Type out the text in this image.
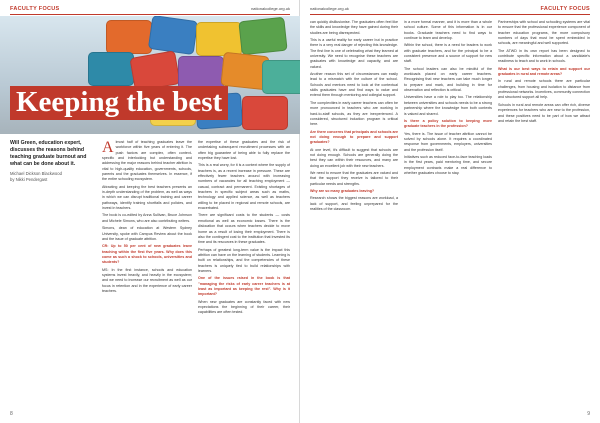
FACULTY FOCUS	nationalcollege.org.uk
Keeping the best
Will Green, education expert, discusses the reasons behind teaching graduate burnout and what can be done about it.
Michael Dickson Blackwood
by Nikki Pendergast

Almost half of teaching graduates leave the workforce within five years of entering it. The push factors are complex, often context-specific and interlocking but understanding and addressing the major reasons behind teacher attrition is vital to high-quality education, governments, schools, parents and the graduates themselves. In essence, if the entire schooling ecosystem.

Attracting and keeping the best teachers presents an in-depth understanding of the problem, as well as ways in which we can disrupt traditional training and career pathways, identify training shortfalls and policies, and invest in teachers.

The book is co-edited by Anna Sullivan, Bruce Johnson and Michele Simons, who are also contributing writers.

Simons, dean of education at Western Sydney University, spoke with Campus Review about the book and the issue of graduate attrition.

CR: Up to 50 per cent of new graduates leave teaching within the first five years. Why does this come as such a shock to schools, universities and students?

MS: In the first instance, schools and education systems invest heavily, and heavily in the ecosystem; and we need to increase our recruitment as well as our focus in retention and in the experience of early career teachers.

the expertise of these graduates and the risk of undertaking subsequent recruitment processes with an often big guarantee of being able to fully replace the expertise they have lost.

This is a real worry, for it is a context where the supply of teachers is, as a recent increase in pressure. These are effectively fewer teachers around with increasing numbers of vacancies for all teaching employment — casual, contract and permanent. Existing shortages of teachers in specific subject areas such as maths, technology and applied science, as well as teachers willing to be placed in regional and remote schools, are exacerbated.

There are significant costs to the students — costs emotional as well as economic losses. There is the dislocation that occurs when teachers decide to move home as a result of losing their employment. There is also the contingent cost to the institution that invested its time and its resources in these graduates.

Perhaps of greatest long-term value is the impact this attrition can have on the learning of students. Learning is built on relationships, and the competencies of these teachers is uniquely tied to build relationships with learners.

One of the issues raised in the book is that "managing the risks of early career teachers is at least as important as keeping the rest". Why is it important?

When new graduates are constantly faced with new expectations the beginning of their career, their capabilities are often tested.

8
nationalcollege.org.uk	FACULTY FOCUS

can quickly disillusionise. The graduates often feel like the skills and knowledge they have gained during their studies are being disrespected.

This is a useful reality for early career but in practice there is a very real danger of rejecting this knowledge. The first line is one of celebrating what they learned at university. We need to recognise these teachers are graduates with knowledge and capacity, and are valued.

Another reason this set of circumstances can easily lead to a mismatch with the culture of the school. Schools and mentors need to look at the contextual skills graduates have and find ways to value and extend them through mentoring and collegial support.

The complexities in early career teachers can often be more pronounced in teachers who are working in hard-to-staff schools, as they are inexperienced. A considered, structured induction program is critical here.

Are there concerns that principals and schools are not doing enough to prepare and support graduates?

At one level, it's difficult to suggest that schools are not doing enough. Schools are generally doing the best they can within their resources, and many are doing an excellent job with their new teachers.

We need to ensure that the graduates are valued and that the support they receive is tailored to their particular needs and strengths.

Why are so many graduates leaving?

Research shows the biggest reasons are workload, a lack of support, and feeling unprepared for the realities of the classroom.

in a more formal manner, and it is more than a whole school culture. Some of this information is in our books. Graduate teachers need to find ways to continue to learn and develop.

Within the school, there is a need for leaders to work with graduate teachers, and for the principal to be a consistent presence and a source of support for new staff.

The school leaders can also be mindful of the workloads placed on early career teachers. Recognising that new teachers can take much longer to prepare and mark, and building in time for observation and reflection is critical.

Universities have a role to play too. The relationship between universities and schools needs to be a strong partnership where the knowledge from both contexts is valued and shared.

Is there a policy solution to keeping more graduate teachers in the profession?

Yes, there is. The issue of teacher attrition cannot be solved by schools alone. It requires a coordinated response from governments, employers, universities and the profession itself.

Initiatives such as reduced face-to-face teaching loads in the first years, paid mentoring time, and secure employment contracts make a real difference to whether graduates choose to stay.

Partnerships with school and schooling systems are vital to ensure that the professional experience component of teacher education programs, the more compulsory numbers of days that must be spent embedded in schools, are meaningful and well supported.

The ATWD in its own report has been designed to contribute specific information about a candidate's readiness to teach and to work in schools.

What is our best ways to retain and support our graduates in rural and remote areas?

In rural and remote schools there are particular challenges, from housing and isolation to distance from professional networks. Incentives, community connection and structured support all help.

Schools in rural and remote areas can offer rich, diverse experiences for teachers who are new to the profession, and these positives need to be part of how we attract and retain the best staff.

9
